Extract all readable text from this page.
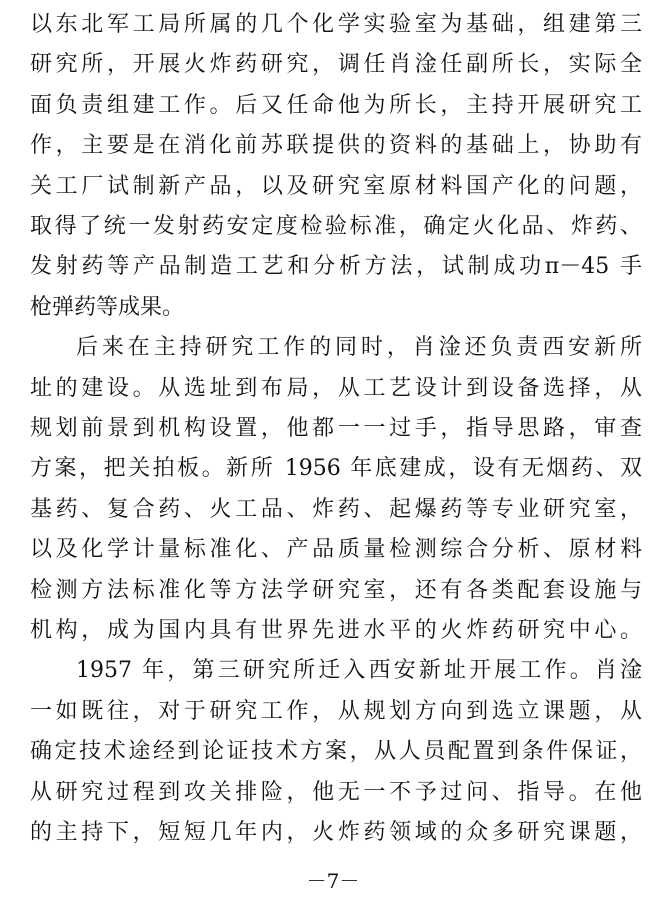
－7－
以东北军工局所属的几个化学实验室为基础，组建第三
研究所，开展火炸药研究，调任肖淦任副所长，实际全
面负责组建工作。后又任命他为所长，主持开展研究工
作，主要是在消化前苏联提供的资料的基础上，协助有
关工厂试制新产品，以及研究室原材料国产化的问题，
取得了统一发射药安定度检验标准，确定火化品、炸药、
发射药等产品制造工艺和分析方法，试制成功π－45 手
枪弹药等成果。
后来在主持研究工作的同时，肖淦还负责西安新所
址的建设。从选址到布局，从工艺设计到设备选择，从
规划前景到机构设置，他都一一过手，指导思路，审查
方案，把关拍板。新所 1956 年底建成，设有无烟药、双
基药、复合药、火工品、炸药、起爆药等专业研究室，
以及化学计量标准化、产品质量检测综合分析、原材料
检测方法标准化等方法学研究室，还有各类配套设施与
机构，成为国内具有世界先进水平的火炸药研究中心。
1957 年，第三研究所迁入西安新址开展工作。肖淦
一如既往，对于研究工作，从规划方向到选立课题，从
确定技术途经到论证技术方案，从人员配置到条件保证，
从研究过程到攻关排险，他无一不予过问、指导。在他
的主持下，短短几年内，火炸药领域的众多研究课题，
